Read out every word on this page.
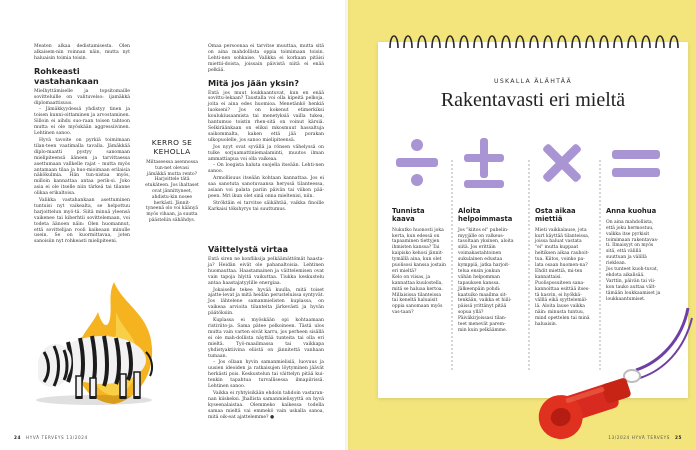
Meaten alkaa dedistamisesta. Olen alkaisem-nin roinnan näin, mutta nyt haluaisin toimia toisin.

Rohkeasti vastahankaan

Mielhyttämiselle ja topsitomaille sovitteluille on valituvelso: ijamäkkä diplomaattisuus.

– Jämäkkyydessä yhdistyy tinen ja toisen kunni-oittaminen ja arvostaminen. Silloin ei aihdu suo-raan toisen tahtoon mutta ei ole myöskään aggressiivinen. Lehtinen sanoo.

Hyvä tavoite on pyrkiä toimimaan tilan-teen vaatimalla tavalla. Jämäkkää diplo-maatti pystyy sanomaan mielipiteensä ääneen ja tarvittaessa asettumaan vallkelle rajat – mutta myös antamaan tilaa ja huo-mioimaan erilaisia näkökulmia. Hän tun-nistaa myös, milloin kannattaa antaa perik-si. Joko asia ei ole itselle niin tärkeä tai tilanne olikaa erikaltoisa.

Valikka vastahankaan asettuminen tuntuisi nyt vaikealta, se helpottuu harjoittelun myö-tä. Siitä minuä yleensä vaikenee tai kiberhtii sovittelemaan, voi todeta äänoen näin: Olen huomannut, että sovittelijan rooli kaikeaan minulle usein. Se on kuormittavaa, joten sanoisiin nyt rohkeasti mielipiteeni.

KERRO SE KEHOLLA
Miltaseessa asennossa tun-net olevasi jämäkkä mutta rento? Harjoittele tätä etukäteen. Jos ihaltaset ovat jännittyneet, ahdistu-kin nosee herkästi. Jännit-tyneenä olo voi käänyä myös vihaan, ja suutta päästeliin sähähdys.

Omaa persoonaa ei tarvitse muuttaa, mutta sitä on aina mahdollista oppia toimimaan toisin. Lehti-nen sohkaise. Valikka ei korkaan pitäisi miettii-doista, joissain päivistä niitä ei enää pelkää.

Mitä jos jään yksin?

Entä jos muut loukkaantuvat, kun en enää sovittu-lekaan? Taustalla voi olla kipeitä pelkoja, joita ei aina edes huomioa. Menetänkö henkiä luokseni? Jos on kokenut etimerkiksi koulukiusaamista tai menetyksiä vailla tukea, hantumuo toistin rhen-sitä on voinut kärsiä. Selkiräänkaan on eliksi mkosmuut hassaltuja saikommalta, kaken että jää porakan ulkopuolelle, jos sanoo mielipiteensä.

Jos nyyt ovat syvällä ja rönsen vähelyssä on tulke sorjuamattiniemalaminti, muutos ilman ammattiapua voi olla vaikeaa.

– On loogista haluta suojella itseään. Lehti-nen sanoo.

Armollisuus itseään kohtaan kannattaa. Jos ei saa sanotuta sanotuvaansa heryssä tilanteessa, asiaan voi palata pariin päivän tai viikon pää-peen. Mri ikun olet sinä onna mieltenisi, niin.

Ströktäin ei tarvitse säikähtää, vaikka finoille Karkaisi tökshyrys tai suuttumus.

Väittelystä virtaa

Entä siren ne konfliksija pelkäämättömät haasta-ja? Heidän eivät ole pahanaltoisia. Lehtinen huomauttaa. Haastamainen ja väittelemisen ovat vain tapoja hlyitä vaikuttaa. Tiukka keskustelu antaa haastajatyylille energiaa.

Jokaiselle tekee hyvää kuulla, mitä toiset ajatte-levat ja mitä heidän perusteluissa syntyvät. Jos lähtelene samanmielisten kuplassa, on vaikeaa arvioita tilanteita järkevästi ja hyvän päätöksiin.

Kuplassa ei myöskään opi kohtaamaan ristiriito-ja. Sama pätee pelkoineen. Tästä ulos mutta vain varten eivät karru, jos perheen sisällä ei ole mah-dollista näyttää tunteita tai olla eri mieltä. Työ-maailmassa tai vaikkapa yhdistyaktiivina eliistä on jännitettä vanhaan tumaan.

– Jos ollaan hyvin samanmielisiä, luovuus ja uusien ideoiden ja ratkaisujen löytyminen jäävät herkästi pois. Keskustelun tai väittelyn pitää kui-tenkin tapahtua turvallisessa ilmapiirissä. Lehtinen sanoo.

Vaikka ei ryhtyisikään ehdoin tahdoin vastaran-nan kiiskeksi. Jhallista samanmielisyyttä on hyvä kyseenalaistaa. Olemmeko kaikessa todella samaa mieltä vai emmekö vain uskalla sanoa, mitä oik-eat ajattelemme? ●

24 HYVÄ TERVEYS 13/2024
USKALLA ÄLÄHTÄÄ
Rakentavasti eri mieltä
Tunnista kaava
Nukutko huonosti joka kerta, kun edessä on tapaaminen tiettyjen ihmisten kanssa? Tai kaipisko kehosi jännit-tymällä aina, kun olet puolisosi kanssa jostain eri mieltä?
Kelo on viisas, ja kannattaa kuulostella, mitä se haluaa kertoa. Millaisissa tilanteissa tai keneltä haluaisit oppia sanomaan myös vas-taan?
Aloita helpoimmasta
Jos "kiitos ei" puhelin-myyjälle on valkeus-tasoltaan yksinen, aloita siitä. Jos erittäin voimakastahtoinen sukulainen edustaa kymppiä, jatka harjoit-telua ensin jonkun vähän helpomman tapauksen kanssa.
Jälkeenpäin pohdi: kaatuiko maailma sit-tenkään, vaikka et hiili-päissä yrittänyt pitää sopua yllä?
Päiväkirjoissasi tilan-teet menevät parem-min kuin pelkäämme.
Osta aikaa miettiä
Mieti vaikkalause, jota kurt käyttää tilanteissa, joissa haluat vastata "ei" mutta kuppaat heltiksen aikaa rauhoit-tua. Kiitos, voinko pa-lata osaan huomen-na? Ehdit miettiä, mi-ten kannattaisi.
Puolisposuiteen sana-kannoittaa esittää itses-tä kasvin, ei hyökkä-välllä eikä syyttelemäl-lä. Aloita lause vaikka näin: minusta tuntuu, mind opettelen tai minä haluaisin.
Anna kuohua
On aina mahdollista, että joku hermostuu, valkka itse pyrkisit toimimaan rakentavas-ti. Ilmaisyyt on myös sitä, että välillä suuttuan ja välillä rieklean.
Jos tunteet kuoh-tuvat, ehdota aikalisää. Varttin, päivän tai vii-kon tauko auttaa vält-tämään loukkaamiset ja loukkaantumiset.
13/2024 HYVÄ TERVEYS 25
